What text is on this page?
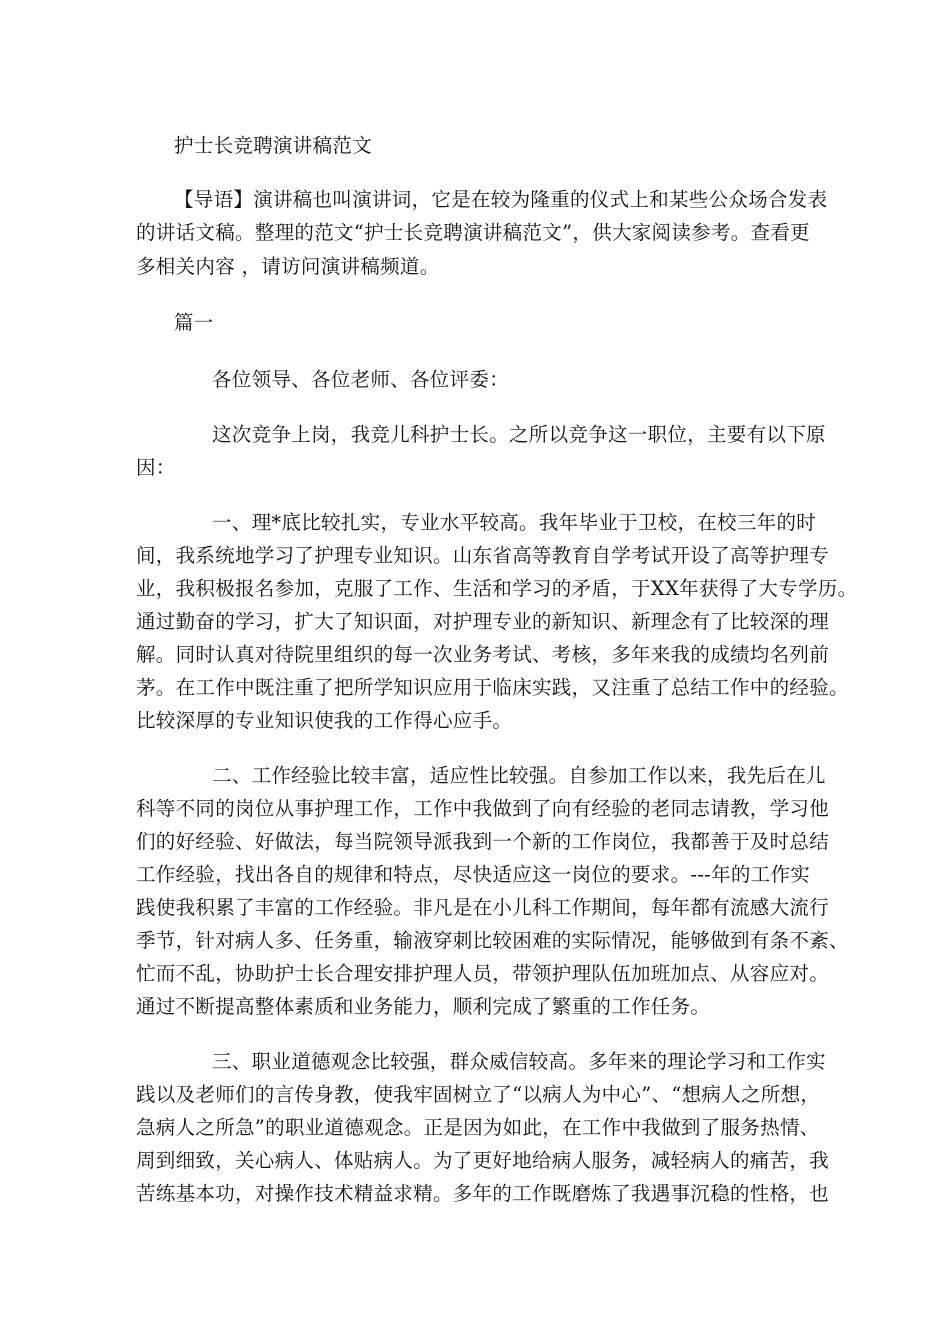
护士长竞聘演讲稿范文
【导语】演讲稿也叫演讲词，它是在较为隆重的仪式上和某些公众场合发表
的讲话文稿。整理的范文“护士长竞聘演讲稿范文”，供大家阅读参考。查看更
多相关内容 ，请访问演讲稿频道。
篇一
各位领导、各位老师、各位评委：
这次竞争上岗，我竞儿科护士长。之所以竞争这一职位，主要有以下原
因：
一、理*底比较扎实，专业水平较高。我年毕业于卫校，在校三年的时
间，我系统地学习了护理专业知识。山东省高等教育自学考试开设了高等护理专
业，我积极报名参加，克服了工作、生活和学习的矛盾，于XX年获得了大专学历。
通过勤奋的学习，扩大了知识面，对护理专业的新知识、新理念有了比较深的理
解。同时认真对待院里组织的每一次业务考试、考核，多年来我的成绩均名列前
茅。在工作中既注重了把所学知识应用于临床实践，又注重了总结工作中的经验。
比较深厚的专业知识使我的工作得心应手。
二、工作经验比较丰富，适应性比较强。自参加工作以来，我先后在儿
科等不同的岗位从事护理工作，工作中我做到了向有经验的老同志请教，学习他
们的好经验、好做法，每当院领导派我到一个新的工作岗位，我都善于及时总结
工作经验，找出各自的规律和特点，尽快适应这一岗位的要求。---年的工作实
践使我积累了丰富的工作经验。非凡是在小儿科工作期间，每年都有流感大流行
季节，针对病人多、任务重，输液穿刺比较困难的实际情况，能够做到有条不紊、
忙而不乱，协助护士长合理安排护理人员，带领护理队伍加班加点、从容应对。
通过不断提高整体素质和业务能力，顺利完成了繁重的工作任务。
三、职业道德观念比较强，群众威信较高。多年来的理论学习和工作实
践以及老师们的言传身教，使我牢固树立了“以病人为中心”、“想病人之所想，
急病人之所急”的职业道德观念。正是因为如此，在工作中我做到了服务热情、
周到细致，关心病人、体贴病人。为了更好地给病人服务，减轻病人的痛苦，我
苦练基本功，对操作技术精益求精。多年的工作既磨炼了我遇事沉稳的性格，也
